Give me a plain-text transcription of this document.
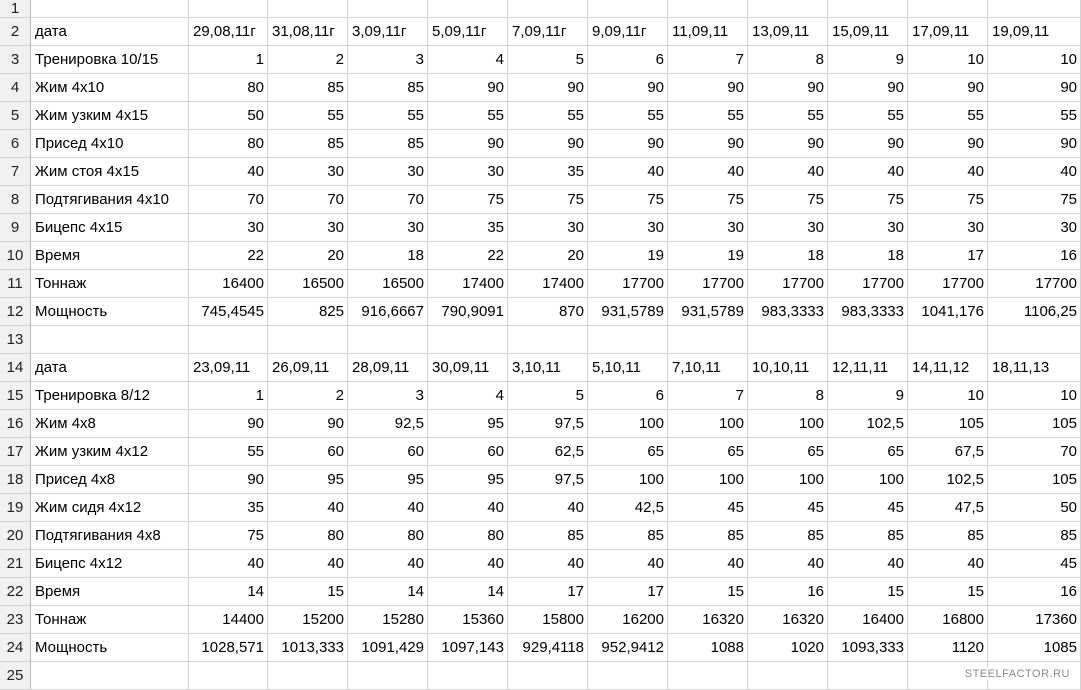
1
2	дата	29,08,11г	31,08,11г	3,09,11г	5,09,11г	7,09,11г	9,09,11г	11,09,11	13,09,11	15,09,11	17,09,11	19,09,11
3	Тренировка 10/15	1	2	3	4	5	6	7	8	9	10	10
4	Жим 4х10	80	85	85	90	90	90	90	90	90	90	90
5	Жим узким 4х15	50	55	55	55	55	55	55	55	55	55	55
6	Присед 4х10	80	85	85	90	90	90	90	90	90	90	90
7	Жим стоя 4х15	40	30	30	30	35	40	40	40	40	40	40
8	Подтягивания 4х10	70	70	70	75	75	75	75	75	75	75	75
9	Бицепс 4х15	30	30	30	35	30	30	30	30	30	30	30
10 Время	22	20	18	22	20	19	19	18	18	17	16
11 Тоннаж	16400	16500	16500	17400	17400	17700	17700	17700	17700	17700	17700
12 Мощность	745,4545	825	916,6667	790,9091	870	931,5789	931,5789	983,3333	983,3333	1041,176	1106,25
13
14 дата	23,09,11	26,09,11	28,09,11	30,09,11	3,10,11	5,10,11	7,10,11	10,10,11	12,11,11	14,11,12	18,11,13
15 Тренировка 8/12	1	2	3	4	5	6	7	8	9	10	10
16 Жим 4х8	90	90	92,5	95	97,5	100	100	100	102,5	105	105
17 Жим узким 4х12	55	60	60	60	62,5	65	65	65	65	67,5	70
18 Присед 4х8	90	95	95	95	97,5	100	100	100	100	102,5	105
19 Жим сидя 4х12	35	40	40	40	40	42,5	45	45	45	47,5	50
20 Подтягивания 4х8	75	80	80	80	85	85	85	85	85	85	85
21 Бицепс 4х12	40	40	40	40	40	40	40	40	40	40	45
22 Время	14	15	14	14	17	17	15	16	15	15	16
23 Тоннаж	14400	15200	15280	15360	15800	16200	16320	16320	16400	16800	17360
24 Мощность	1028,571	1013,333	1091,429	1097,143	929,4118	952,9412	1088	1020	1093,333	1120	1085
25	STEELFACTOR.RU
